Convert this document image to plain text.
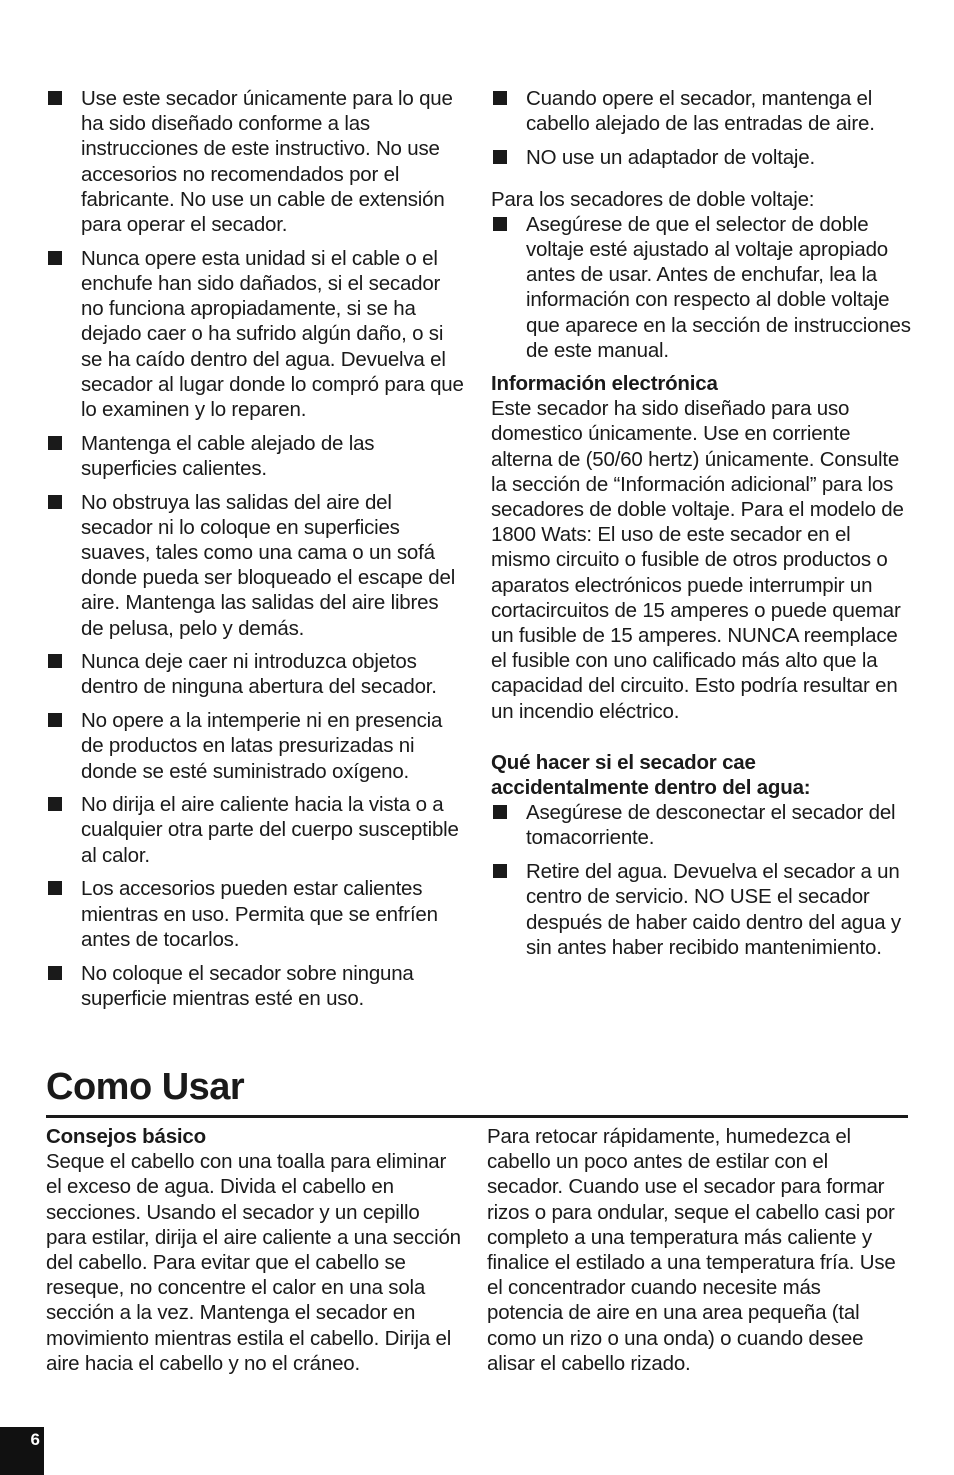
Use este secador únicamente para lo que ha sido diseñado conforme a las instrucciones de este instructivo. No use accesorios no recomendados por el fabricante. No use un cable de extensión para operar el secador.
Nunca opere esta unidad si el cable o el enchufe han sido dañados, si el secador no funciona apropiadamente, si se ha dejado caer o ha sufrido algún daño, o si se ha caído dentro del agua. Devuelva el secador al lugar donde lo compró para que lo examinen y lo reparen.
Mantenga el cable alejado de las superficies calientes.
No obstruya las salidas del aire del secador ni lo coloque en superficies suaves, tales como una cama o un sofá donde pueda ser bloqueado el escape del aire. Mantenga las salidas del aire libres de pelusa, pelo y demás.
Nunca deje caer ni introduzca objetos dentro de ninguna abertura del secador.
No opere a la intemperie ni en presencia de productos en latas presurizadas ni donde se esté suministrado oxígeno.
No dirija el aire caliente hacia la vista o a cualquier otra parte del cuerpo susceptible al calor.
Los accesorios pueden estar calientes mientras en uso. Permita que se enfríen antes de tocarlos.
No coloque el secador sobre ninguna superficie mientras esté en uso.
Cuando opere el secador, mantenga el cabello alejado de las entradas de aire.
NO use un adaptador de voltaje.

Para los secadores de doble voltaje:

Asegúrese de que el selector de doble voltaje esté ajustado al voltaje apropiado antes de usar. Antes de enchufar, lea la información con respecto al doble voltaje que aparece en la sección de instrucciones de este manual.

Información electrónica

Este secador ha sido diseñado para uso domestico únicamente. Use en corriente alterna de (50/60 hertz) únicamente. Consulte la sección de “Información adicional” para los secadores de doble voltaje. Para el modelo de 1800 Wats: El uso de este secador en el mismo circuito o fusible de otros productos o aparatos electrónicos puede interrumpir un cortacircuitos de 15 amperes o puede quemar un fusible de 15 amperes. NUNCA reemplace el fusible con uno calificado más alto que la capacidad del circuito. Esto podría resultar en un incendio eléctrico.

Qué hacer si el secador cae accidentalmente dentro del agua:

Asegúrese de desconectar el secador del tomacorriente.
Retire del agua. Devuelva el secador a un centro de servicio. NO USE el secador después de haber caido dentro del agua y sin antes haber recibido mantenimiento.
Como Usar

Consejos básico

Seque el cabello con una toalla para eliminar el exceso de agua. Divida el cabello en secciones. Usando el secador y un cepillo para estilar, dirija el aire caliente a una sección del cabello. Para evitar que el cabello se reseque, no concentre el calor en una sola sección a la vez. Mantenga el secador en movimiento mientras estila el cabello. Dirija el aire hacia el cabello y no el cráneo.

Para retocar rápidamente, humedezca el cabello un poco antes de estilar con el secador. Cuando use el secador para formar rizos o para ondular, seque el cabello casi por completo a una temperatura más caliente y finalice el estilado a una temperatura fría. Use el concentrador cuando necesite más potencia de aire en una area pequeña (tal como un rizo o una onda) o cuando desee alisar el cabello rizado.

6
